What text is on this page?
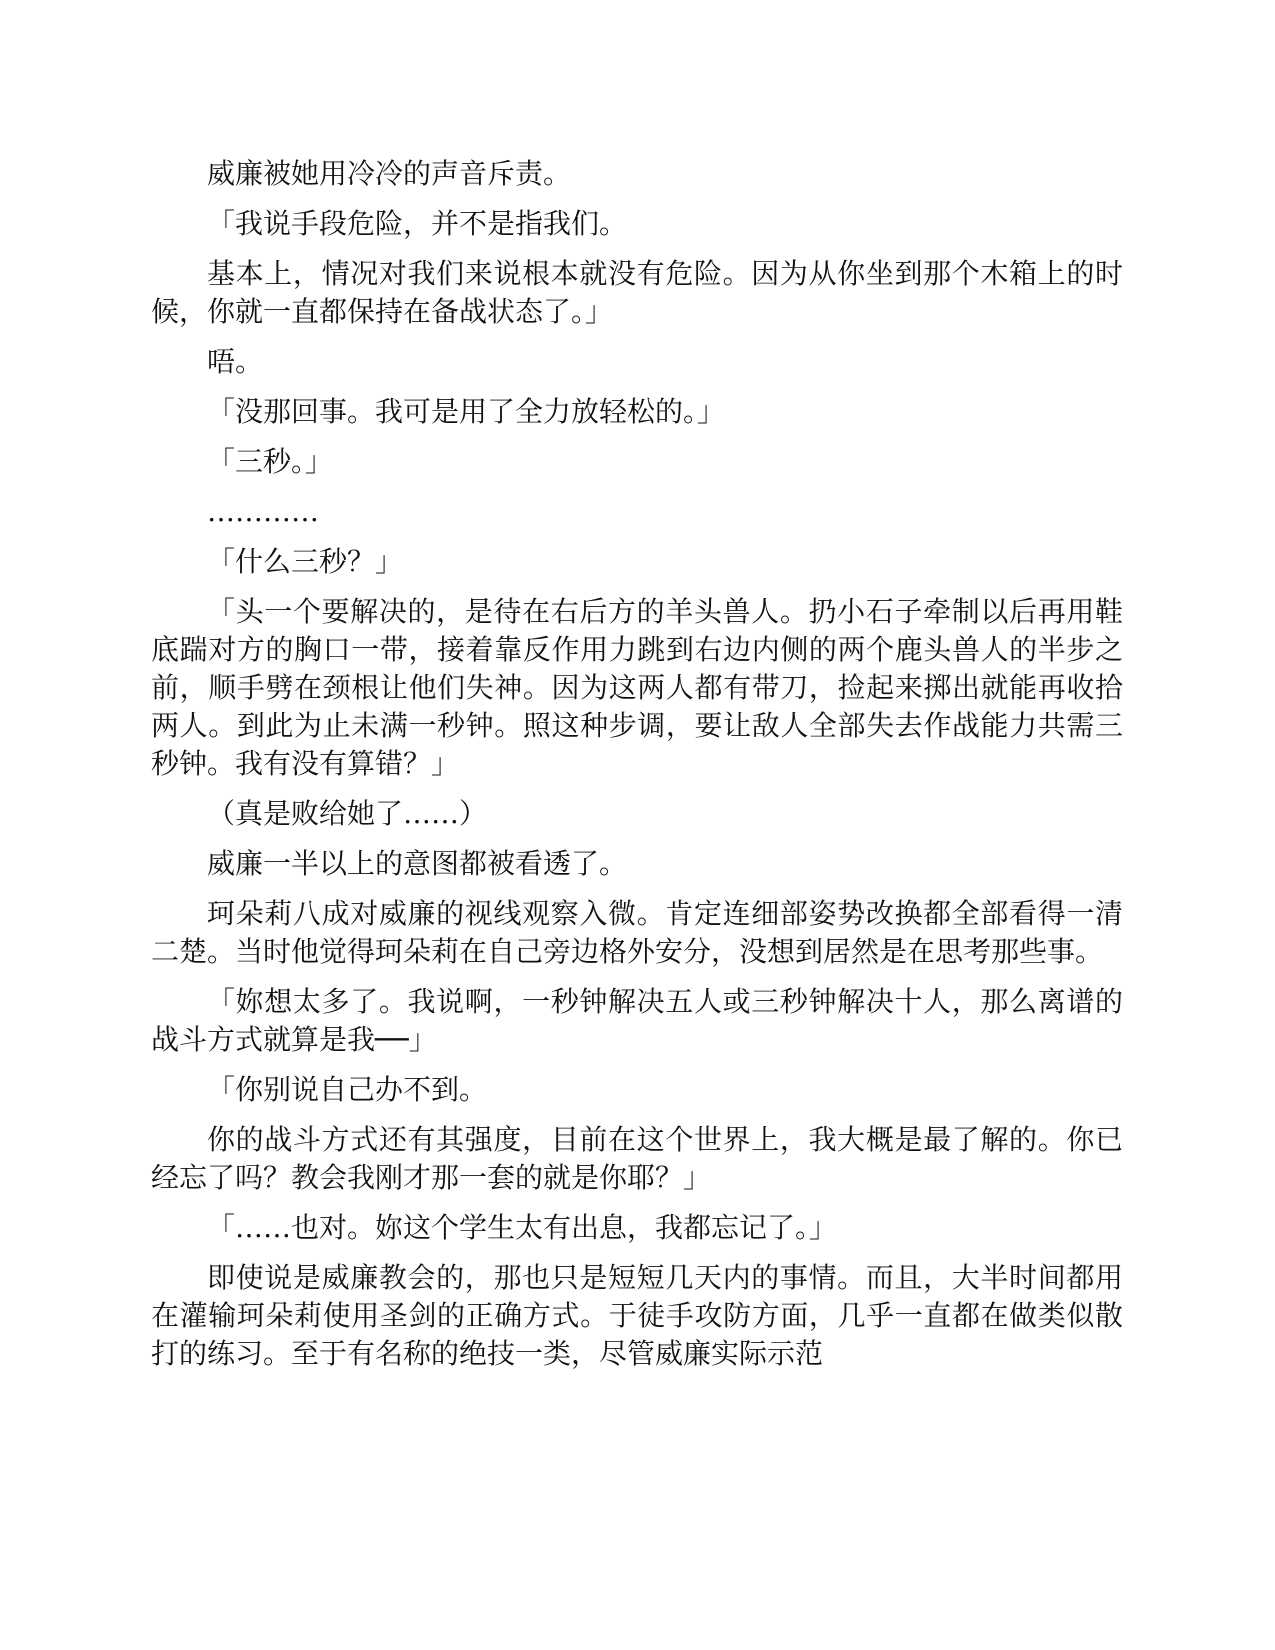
威廉被她用冷冷的声音斥责。

「我说手段危险，并不是指我们。

基本上，情况对我们来说根本就没有危险。因为从你坐到那个木箱上的时候，你就一直都保持在备战状态了。」

唔。

「没那回事。我可是用了全力放轻松的。」

「三秒。」

…………

「什么三秒？」

「头一个要解决的，是待在右后方的羊头兽人。扔小石子牵制以后再用鞋底踹对方的胸口一带，接着靠反作用力跳到右边内侧的两个鹿头兽人的半步之前，顺手劈在颈根让他们失神。因为这两人都有带刀，捡起来掷出就能再收拾两人。到此为止未满一秒钟。照这种步调，要让敌人全部失去作战能力共需三秒钟。我有没有算错？」

（真是败给她了……）

威廉一半以上的意图都被看透了。

珂朵莉八成对威廉的视线观察入微。肯定连细部姿势改换都全部看得一清二楚。当时他觉得珂朵莉在自己旁边格外安分，没想到居然是在思考那些事。

「妳想太多了。我说啊，一秒钟解决五人或三秒钟解决十人，那么离谱的战斗方式就算是我──」

「你别说自己办不到。

你的战斗方式还有其强度，目前在这个世界上，我大概是最了解的。你已经忘了吗？教会我刚才那一套的就是你耶？」

「……也对。妳这个学生太有出息，我都忘记了。」

即使说是威廉教会的，那也只是短短几天内的事情。而且，大半时间都用在灌输珂朵莉使用圣剑的正确方式。于徒手攻防方面，几乎一直都在做类似散打的练习。至于有名称的绝技一类，尽管威廉实际示范
